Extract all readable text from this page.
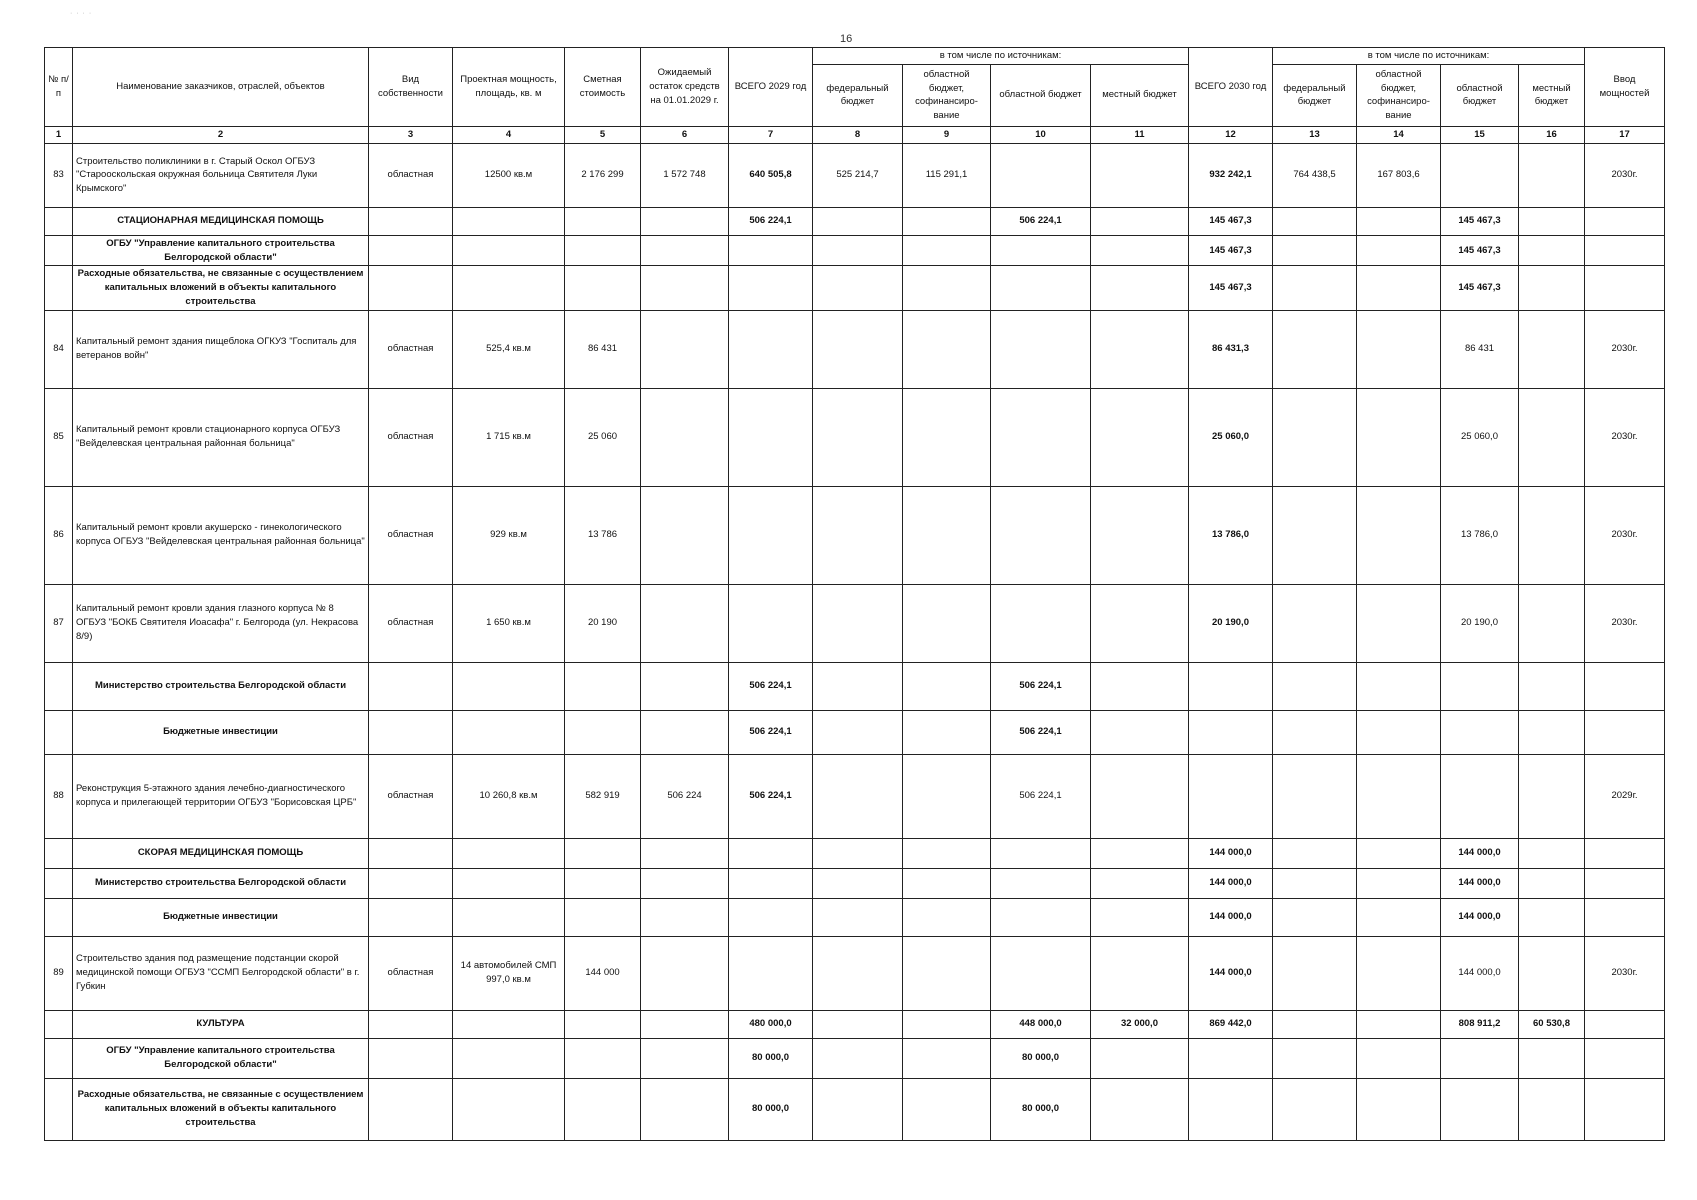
16
· · · ·
№ п/п	Наименование заказчиков, отраслей, объектов	Вид собственности	Проектная мощность, площадь, кв. м	Сметная стоимость	Ожидаемый остаток средств на 01.01.2029 г.	ВСЕГО 2029 год	в том числе по источникам:				ВСЕГО 2030 год	в том числе по источникам:				Ввод мощностей
							федеральный бюджет	областной бюджет, софинансиро-вание	областной бюджет	местный бюджет		федеральный бюджет	областной бюджет, софинансиро-вание	областной бюджет	местный бюджет	
1	2	3	4	5	6	7	8	9	10	11	12	13	14	15	16	17
83	Строительство поликлиники в г. Старый Оскол ОГБУЗ "Старооскольская окружная больница Святителя Луки Крымского"	областная	12500 кв.м	2 176 299	1 572 748	640 505,8	525 214,7	115 291,1			932 242,1	764 438,5	167 803,6			2030г.
	СТАЦИОНАРНАЯ МЕДИЦИНСКАЯ ПОМОЩЬ					506 224,1			506 224,1		145 467,3			145 467,3		
	ОГБУ "Управление капитального строительства Белгородской области"										145 467,3			145 467,3		
	Расходные обязательства, не связанные с осуществлением капитальных вложений в объекты капитального строительства										145 467,3			145 467,3		
84	Капитальный ремонт здания пищеблока ОГКУЗ "Госпиталь для ветеранов войн"	областная	525,4 кв.м	86 431							86 431,3			86 431		2030г.
85	Капитальный ремонт кровли стационарного корпуса ОГБУЗ "Вейделевская центральная районная больница"	областная	1 715 кв.м	25 060							25 060,0			25 060,0		2030г.
86	Капитальный ремонт кровли акушерско - гинекологического корпуса ОГБУЗ "Вейделевская центральная районная больница"	областная	929 кв.м	13 786							13 786,0			13 786,0		2030г.
87	Капитальный ремонт кровли здания глазного корпуса № 8 ОГБУЗ "БОКБ Святителя Иоасафа" г. Белгорода (ул. Некрасова 8/9)	областная	1 650 кв.м	20 190							20 190,0			20 190,0		2030г.
	Министерство строительства Белгородской области					506 224,1			506 224,1							
	Бюджетные инвестиции					506 224,1			506 224,1							
88	Реконструкция 5-этажного здания лечебно-диагностического корпуса и прилегающей территории ОГБУЗ "Борисовская ЦРБ"	областная	10 260,8 кв.м	582 919	506 224	506 224,1			506 224,1							2029г.
	СКОРАЯ МЕДИЦИНСКАЯ ПОМОЩЬ										144 000,0			144 000,0		
	Министерство строительства Белгородской области										144 000,0			144 000,0		
	Бюджетные инвестиции										144 000,0			144 000,0		
89	Строительство здания под размещение подстанции скорой медицинской помощи ОГБУЗ "ССМП Белгородской области" в г. Губкин	областная	14 автомобилей СМП 997,0 кв.м	144 000							144 000,0			144 000,0		2030г.
	КУЛЬТУРА					480 000,0			448 000,0	32 000,0	869 442,0			808 911,2	60 530,8	
	ОГБУ "Управление капитального строительства Белгородской области"					80 000,0			80 000,0							
	Расходные обязательства, не связанные с осуществлением капитальных вложений в объекты капитального строительства					80 000,0			80 000,0							
